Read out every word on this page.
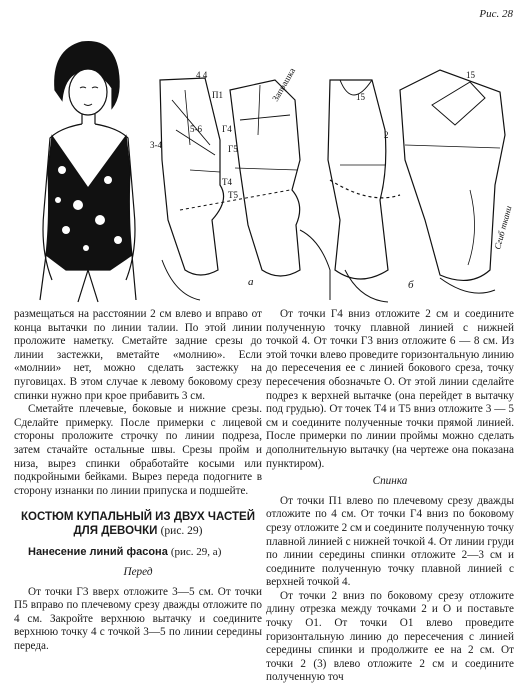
Рис. 28
4 4
П1
5-6
3-4
Г4
Г5
Т4
Т5
Запрашка
а
15
15
2
Сгиб ткани
б

размещаться на расстоянии 2 см влево и вправо от конца вытачки по линии талии. По этой линии проложите наметку. Сметайте задние срезы до линии застежки, вметайте «молнию». Если «молнии» нет, можно сделать застежку на пуговицах. В этом случае к левому боковому срезу спинки нужно при крое прибавить 3 см.

Сметайте плечевые, боковые и нижние срезы. Сделайте примерку. После примерки с лицевой стороны проложите строчку по линии подреза, затем стачайте остальные швы. Срезы пройм и низа, вырез спинки обработайте косыми или подкройными бейками. Вырез переда подогните в сторону изнанки по линии припуска и подшейте.

КОСТЮМ КУПАЛЬНЫЙ ИЗ ДВУХ ЧАСТЕЙ ДЛЯ ДЕВОЧКИ (рис. 29)
Нанесение линий фасона (рис. 29, а)
Перед

От точки Г3 вверх отложите 3—5 см. От точки П5 вправо по плечевому срезу дважды отложите по 4 см. Закройте верхнюю вытачку и соедините верхнюю точку 4 с точкой 3—5 по линии середины переда.

От точки Г4 вниз отложите 2 см и соедините полученную точку плавной линией с нижней точкой 4. От точки Г3 вниз отложите 6 — 8 см. Из этой точки влево проведите горизонтальную линию до пересечения ее с линией бокового среза, точку пересечения обозначьте О. От этой линии сделайте подрез к верхней вытачке (она перейдет в вытачку под грудью). От точек Т4 и Т5 вниз отложите 3 — 5 см и соедините полученные точки прямой линией. После примерки по линии проймы можно сделать дополнительную вытачку (на чертеже она показана пунктиром).

Спинка

От точки П1 влево по плечевому срезу дважды отложите по 4 см. От точки Г4 вниз по боковому срезу отложите 2 см и соедините полученную точку плавной линией с нижней точкой 4. От линии груди по линии середины спинки отложите 2—3 см и соедините полученную точку плавной линией с верхней точкой 4.

От точки 2 вниз по боковому срезу отложите длину отрезка между точками 2 и О и поставьте точку О1. От точки О1 влево проведите горизонтальную линию до пересечения с линией середины спинки и продолжите ее на 2 см. От точки 2 (3) влево отложите 2 см и соедините полученную точ
